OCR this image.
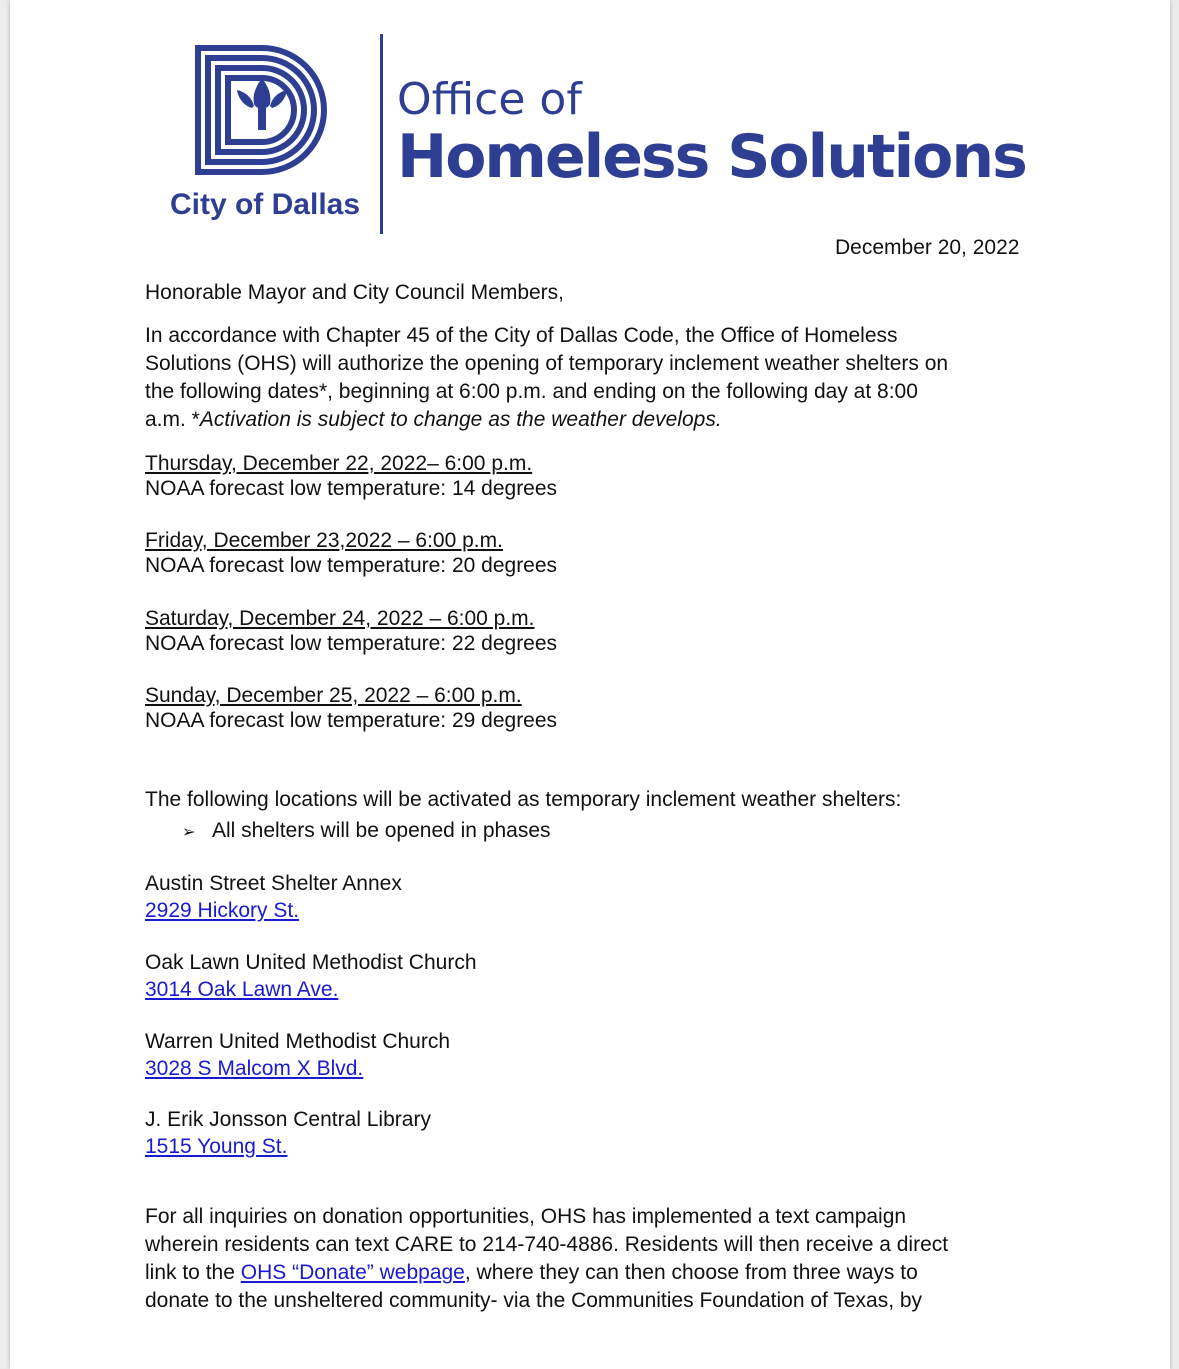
City of Dallas
Office of
Homeless Solutions
December 20, 2022
Honorable Mayor and City Council Members,
In accordance with Chapter 45 of the City of Dallas Code, the Office of Homeless
Solutions (OHS) will authorize the opening of temporary inclement weather shelters on
the following dates*, beginning at 6:00 p.m. and ending on the following day at 8:00
a.m. *Activation is subject to change as the weather develops.
Thursday, December 22, 2022– 6:00 p.m.
NOAA forecast low temperature: 14 degrees
Friday, December 23,2022 – 6:00 p.m.
NOAA forecast low temperature: 20 degrees
Saturday, December 24, 2022 – 6:00 p.m.
NOAA forecast low temperature: 22 degrees
Sunday, December 25, 2022 – 6:00 p.m.
NOAA forecast low temperature: 29 degrees
The following locations will be activated as temporary inclement weather shelters:
➢ All shelters will be opened in phases
Austin Street Shelter Annex
2929 Hickory St.
Oak Lawn United Methodist Church
3014 Oak Lawn Ave.
Warren United Methodist Church
3028 S Malcom X Blvd.
J. Erik Jonsson Central Library
1515 Young St.
For all inquiries on donation opportunities, OHS has implemented a text campaign
wherein residents can text CARE to 214-740-4886. Residents will then receive a direct
link to the OHS “Donate” webpage, where they can then choose from three ways to
donate to the unsheltered community- via the Communities Foundation of Texas, by
